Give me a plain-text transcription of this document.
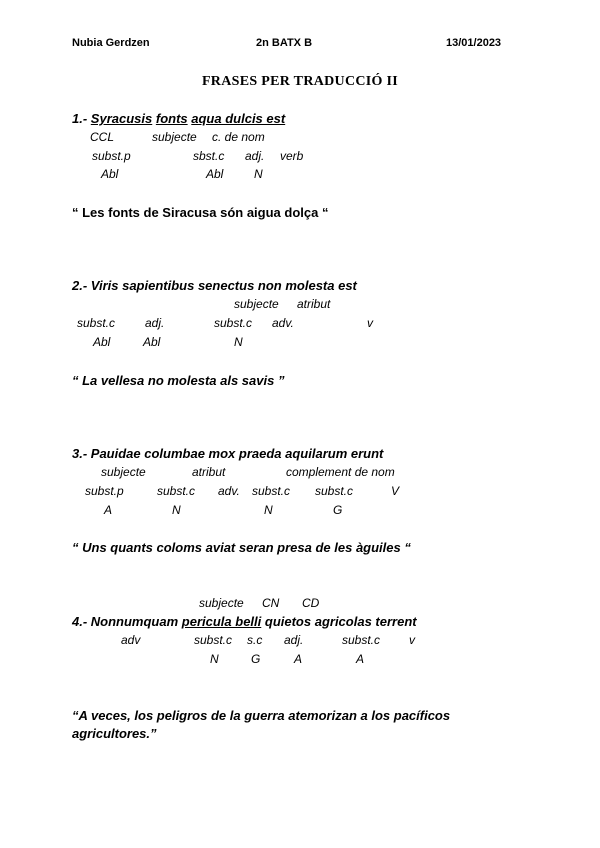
Nubia Gerdzen	2n BATX B	13/01/2023
FRASES PER TRADUCCIÓ II
1.- Syracusis fonts aqua dulcis est
CCL	subjecte c. de nom
subst.p	sbst.c adj. verb
Abl	Abl	N
“ Les fonts de Siracusa són aigua dolça “
2.- Viris sapientibus senectus non molesta est
subjecte atribut
subst.c adj.	subst.c adv.	v
Abl	Abl	N
“ La vellesa no molesta als savis ”
3.- Pauidae columbae mox praeda aquilarum erunt
subjecte	atribut	complement de nom
subst.p	subst.c adv. subst.c subst.c	V
A	N	N	G
“ Uns quants coloms aviat seran presa de les àguiles “
subjecte CN CD
4.- Nonnumquam pericula belli quietos agricolas terrent
adv	subst.c s.c adj.	subst.c v
N	G	A	A
“A veces, los peligros de la guerra atemorizan a los pacíficos
agricultores.”
